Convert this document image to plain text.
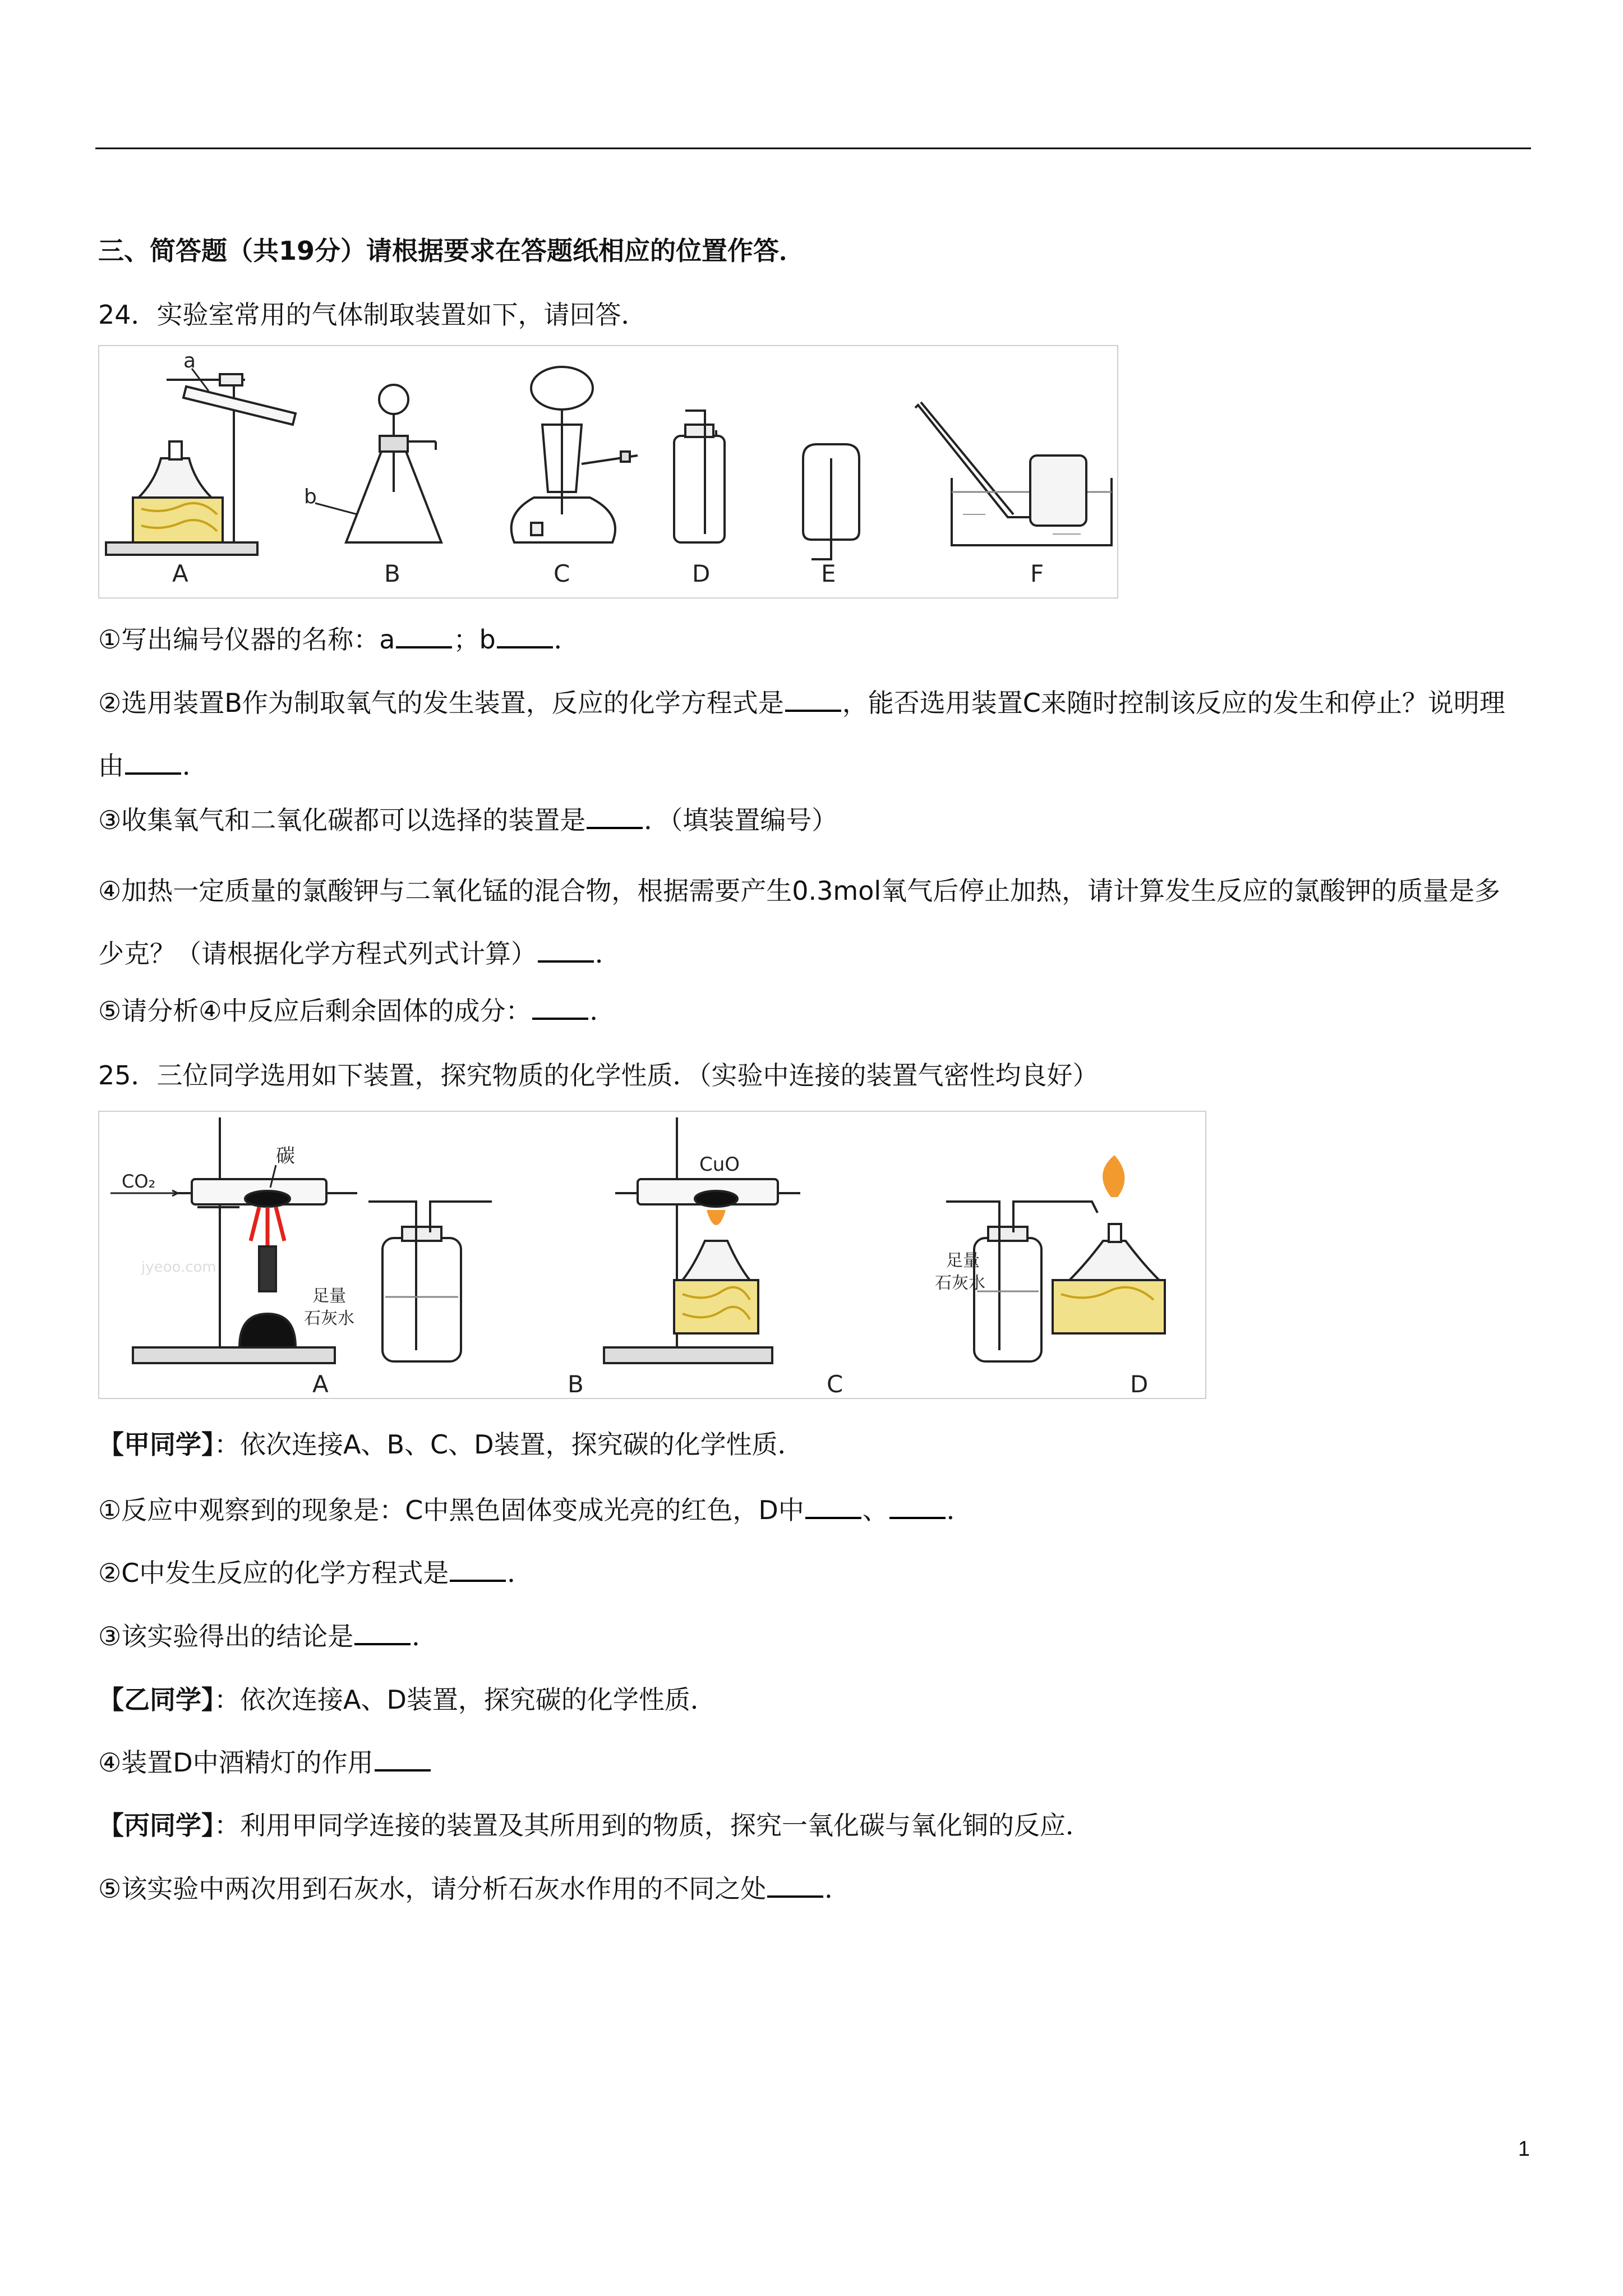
三、简答题（共19分）请根据要求在答题纸相应的位置作答．
24．实验室常用的气体制取装置如下，请回答．
a
b
A	B	C	D	E	F
①写出编号仪器的名称：a ；b ．
②选用装置B作为制取氧气的发生装置，反应的化学方程式是 ，能否选用装置C来随时控制该反应的发生和停止？说明理由 ．
③收集氧气和二氧化碳都可以选择的装置是 ．（填装置编号）
④加热一定质量的氯酸钾与二氧化锰的混合物，根据需要产生0.3mol氧气后停止加热，请计算发生反应的氯酸钾的质量是多少克？（请根据化学方程式列式计算） ．
⑤请分析④中反应后剩余固体的成分： ．
25．三位同学选用如下装置，探究物质的化学性质．（实验中连接的装置气密性均良好）
CO₂
碳
jyeoo.com
足量
石灰水
CuO
足量
石灰水
A	B	C	D
【甲同学】：依次连接A、B、C、D装置，探究碳的化学性质．
①反应中观察到的现象是：C中黑色固体变成光亮的红色，D中 、 ．
②C中发生反应的化学方程式是 ．
③该实验得出的结论是 ．
【乙同学】：依次连接A、D装置，探究碳的化学性质．
④装置D中酒精灯的作用
【丙同学】：利用甲同学连接的装置及其所用到的物质，探究一氧化碳与氧化铜的反应．
⑤该实验中两次用到石灰水，请分析石灰水作用的不同之处 ．
1
